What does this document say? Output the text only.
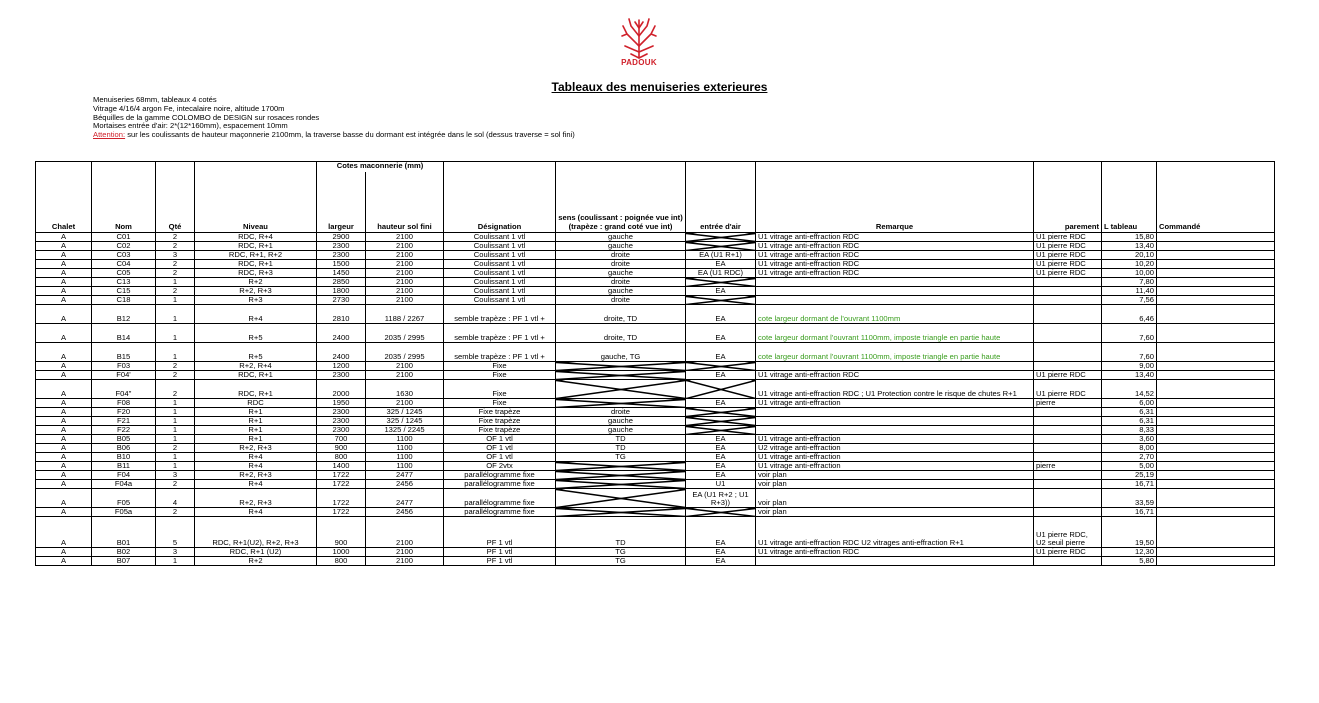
PADOUK
Tableaux des menuiseries exterieures
Menuiseries 68mm, tableaux 4 cotés
Vitrage 4/16/4 argon Fe, intecalaire noire, altitude 1700m
Béquilles de la gamme COLOMBO de DESIGN sur rosaces rondes
Mortaises entrée d'air: 2*(12*160mm), espacement 10mm
Attention: sur les coulissants de hauteur maçonnerie 2100mm, la traverse basse du dormant est intégrée dans le sol (dessus traverse = sol fini)
				Cotes maconnerie (mm)								
Chalet	Nom	Qté	Niveau	largeur	hauteur sol fini	Désignation	sens (coulissant : poignée vue int) (trapèze : grand coté vue int)	entrée d'air	Remarque	parement	L tableau	Commandé
A	C01	2	RDC, R+4	2900	2100	Coulissant 1 vtl	gauche		U1 vitrage anti-effraction RDC	U1 pierre RDC	15,80	
A	C02	2	RDC, R+1	2300	2100	Coulissant 1 vtl	gauche		U1 vitrage anti-effraction RDC	U1 pierre RDC	13,40	
A	C03	3	RDC, R+1, R+2	2300	2100	Coulissant 1 vtl	droite	EA (U1 R+1)	U1 vitrage anti-effraction RDC	U1 pierre RDC	20,10	
A	C04	2	RDC, R+1	1500	2100	Coulissant 1 vtl	droite	EA	U1 vitrage anti-effraction RDC	U1 pierre RDC	10,20	
A	C05	2	RDC, R+3	1450	2100	Coulissant 1 vtl	gauche	EA (U1 RDC)	U1 vitrage anti-effraction RDC	U1 pierre RDC	10,00	
A	C13	1	R+2	2850	2100	Coulissant 1 vtl	droite				7,80	
A	C15	2	R+2, R+3	1800	2100	Coulissant 1 vtl	gauche	EA			11,40	
A	C18	1	R+3	2730	2100	Coulissant 1 vtl	droite				7,56	
A	B12	1	R+4	2810	1188 / 2267	semble trapèze : PF 1 vtl +	droite, TD	EA	cote largeur dormant de l'ouvrant 1100mm		6,46	
A	B14	1	R+5	2400	2035 / 2995	semble trapèze : PF 1 vtl +	droite, TD	EA	cote largeur dormant l'ouvrant 1100mm, imposte triangle en partie haute		7,60	
A	B15	1	R+5	2400	2035 / 2995	semble trapèze : PF 1 vtl +	gauche, TG	EA	cote largeur dormant l'ouvrant 1100mm, imposte triangle en partie haute		7,60	
A	F03	2	R+2, R+4	1200	2100	Fixe					9,00	
A	F04'	2	RDC, R+1	2300	2100	Fixe		EA	U1 vitrage anti-effraction RDC	U1 pierre RDC	13,40	
A	F04''	2	RDC, R+1	2000	1630	Fixe			U1 vitrage anti-effraction RDC ; U1 Protection contre le risque de chutes R+1	U1 pierre RDC	14,52	
A	F08	1	RDC	1950	2100	Fixe		EA	U1 vitrage anti-effraction	pierre	6,00	
A	F20	1	R+1	2300	325 / 1245	Fixe trapèze	droite				6,31	
A	F21	1	R+1	2300	325 / 1245	Fixe trapèze	gauche				6,31	
A	F22	1	R+1	2300	1325 / 2245	Fixe trapèze	gauche				8,33	
A	B05	1	R+1	700	1100	OF 1 vtl	TD	EA	U1 vitrage anti-effraction		3,60	
A	B06	2	R+2, R+3	900	1100	OF 1 vtl	TD	EA	U2 vitrage anti-effraction		8,00	
A	B10	1	R+4	800	1100	OF 1 vtl	TG	EA	U1 vitrage anti-effraction		2,70	
A	B11	1	R+4	1400	1100	OF 2vtx		EA	U1 vitrage anti-effraction	pierre	5,00	
A	F04	3	R+2, R+3	1722	2477	parallélogramme fixe		EA	voir plan		25,19	
A	F04a	2	R+4	1722	2456	parallélogramme fixe		U1	voir plan		16,71	
A	F05	4	R+2, R+3	1722	2477	parallélogramme fixe		EA (U1 R+2 ; U1 R+3))	voir plan		33,59	
A	F05a	2	R+4	1722	2456	parallélogramme fixe			voir plan		16,71	
A	B01	5	RDC, R+1(U2), R+2, R+3	900	2100	PF 1 vtl	TD	EA	U1 vitrage anti-effraction RDC U2 vitrages anti-effraction R+1	U1 pierre RDC, U2 seuil pierre	19,50	
A	B02	3	RDC, R+1 (U2)	1000	2100	PF 1 vtl	TG	EA	U1 vitrage anti-effraction RDC	U1 pierre RDC	12,30	
A	B07	1	R+2	800	2100	PF 1 vtl	TG	EA			5,80	
